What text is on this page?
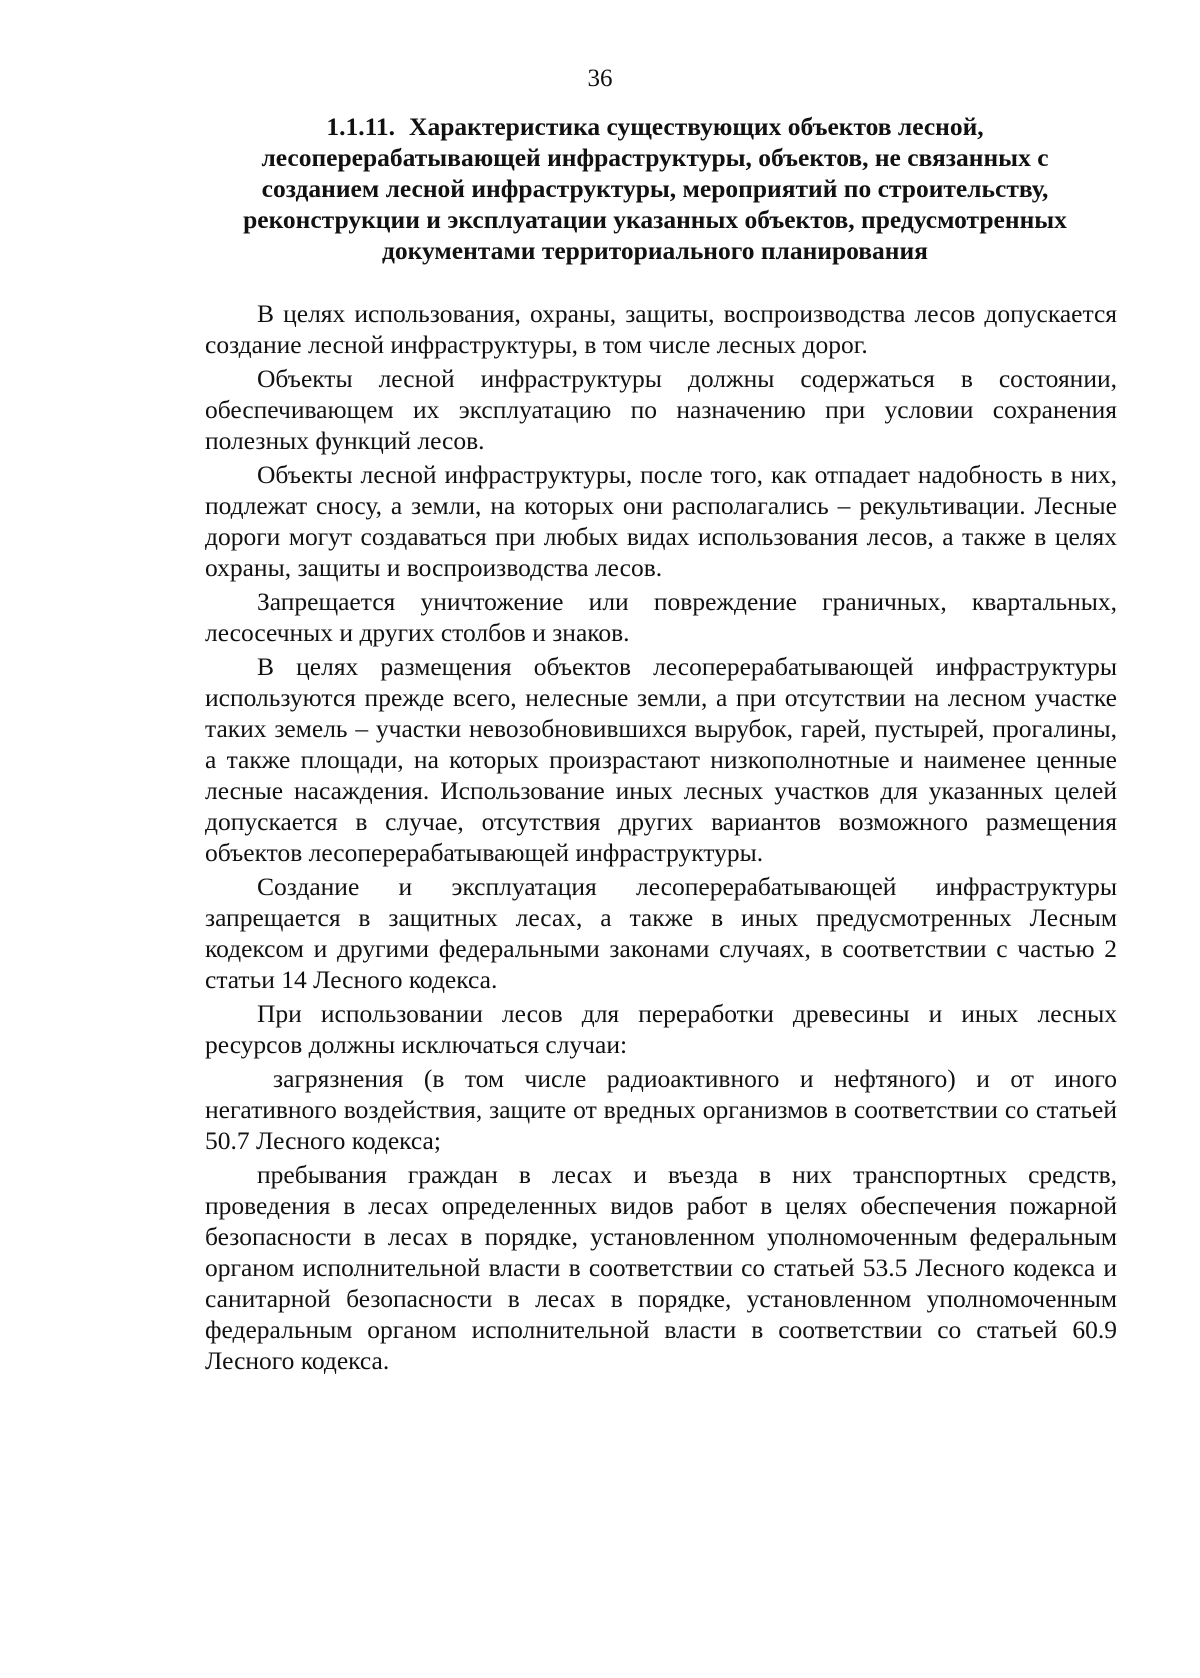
36
1.1.11. Характеристика существующих объектов лесной, лесоперерабатывающей инфраструктуры, объектов, не связанных с созданием лесной инфраструктуры, мероприятий по строительству, реконструкции и эксплуатации указанных объектов, предусмотренных документами территориального планирования

В целях использования, охраны, защиты, воспроизводства лесов допускается создание лесной инфраструктуры, в том числе лесных дорог.

Объекты лесной инфраструктуры должны содержаться в состоянии, обеспечивающем их эксплуатацию по назначению при условии сохранения полезных функций лесов.

Объекты лесной инфраструктуры, после того, как отпадает надобность в них, подлежат сносу, а земли, на которых они располагались – рекультивации. Лесные дороги могут создаваться при любых видах использования лесов, а также в целях охраны, защиты и воспроизводства лесов.

Запрещается уничтожение или повреждение граничных, квартальных, лесосечных и других столбов и знаков.

В целях размещения объектов лесоперерабатывающей инфраструктуры используются прежде всего, нелесные земли, а при отсутствии на лесном участке таких земель – участки невозобновившихся вырубок, гарей, пустырей, прогалины, а также площади, на которых произрастают низкополнотные и наименее ценные лесные насаждения. Использование иных лесных участков для указанных целей допускается в случае, отсутствия других вариантов возможного размещения объектов лесоперерабатывающей инфраструктуры.

Создание и эксплуатация лесоперерабатывающей инфраструктуры запрещается в защитных лесах, а также в иных предусмотренных Лесным кодексом и другими федеральными законами случаях, в соответствии с частью 2 статьи 14 Лесного кодекса.

При использовании лесов для переработки древесины и иных лесных ресурсов должны исключаться случаи:

загрязнения (в том числе радиоактивного и нефтяного) и от иного негативного воздействия, защите от вредных организмов в соответствии со статьей 50.7 Лесного кодекса;

пребывания граждан в лесах и въезда в них транспортных средств, проведения в лесах определенных видов работ в целях обеспечения пожарной безопасности в лесах в порядке, установленном уполномоченным федеральным органом исполнительной власти в соответствии со статьей 53.5 Лесного кодекса и санитарной безопасности в лесах в порядке, установленном уполномоченным федеральным органом исполнительной власти в соответствии со статьей 60.9 Лесного кодекса.
